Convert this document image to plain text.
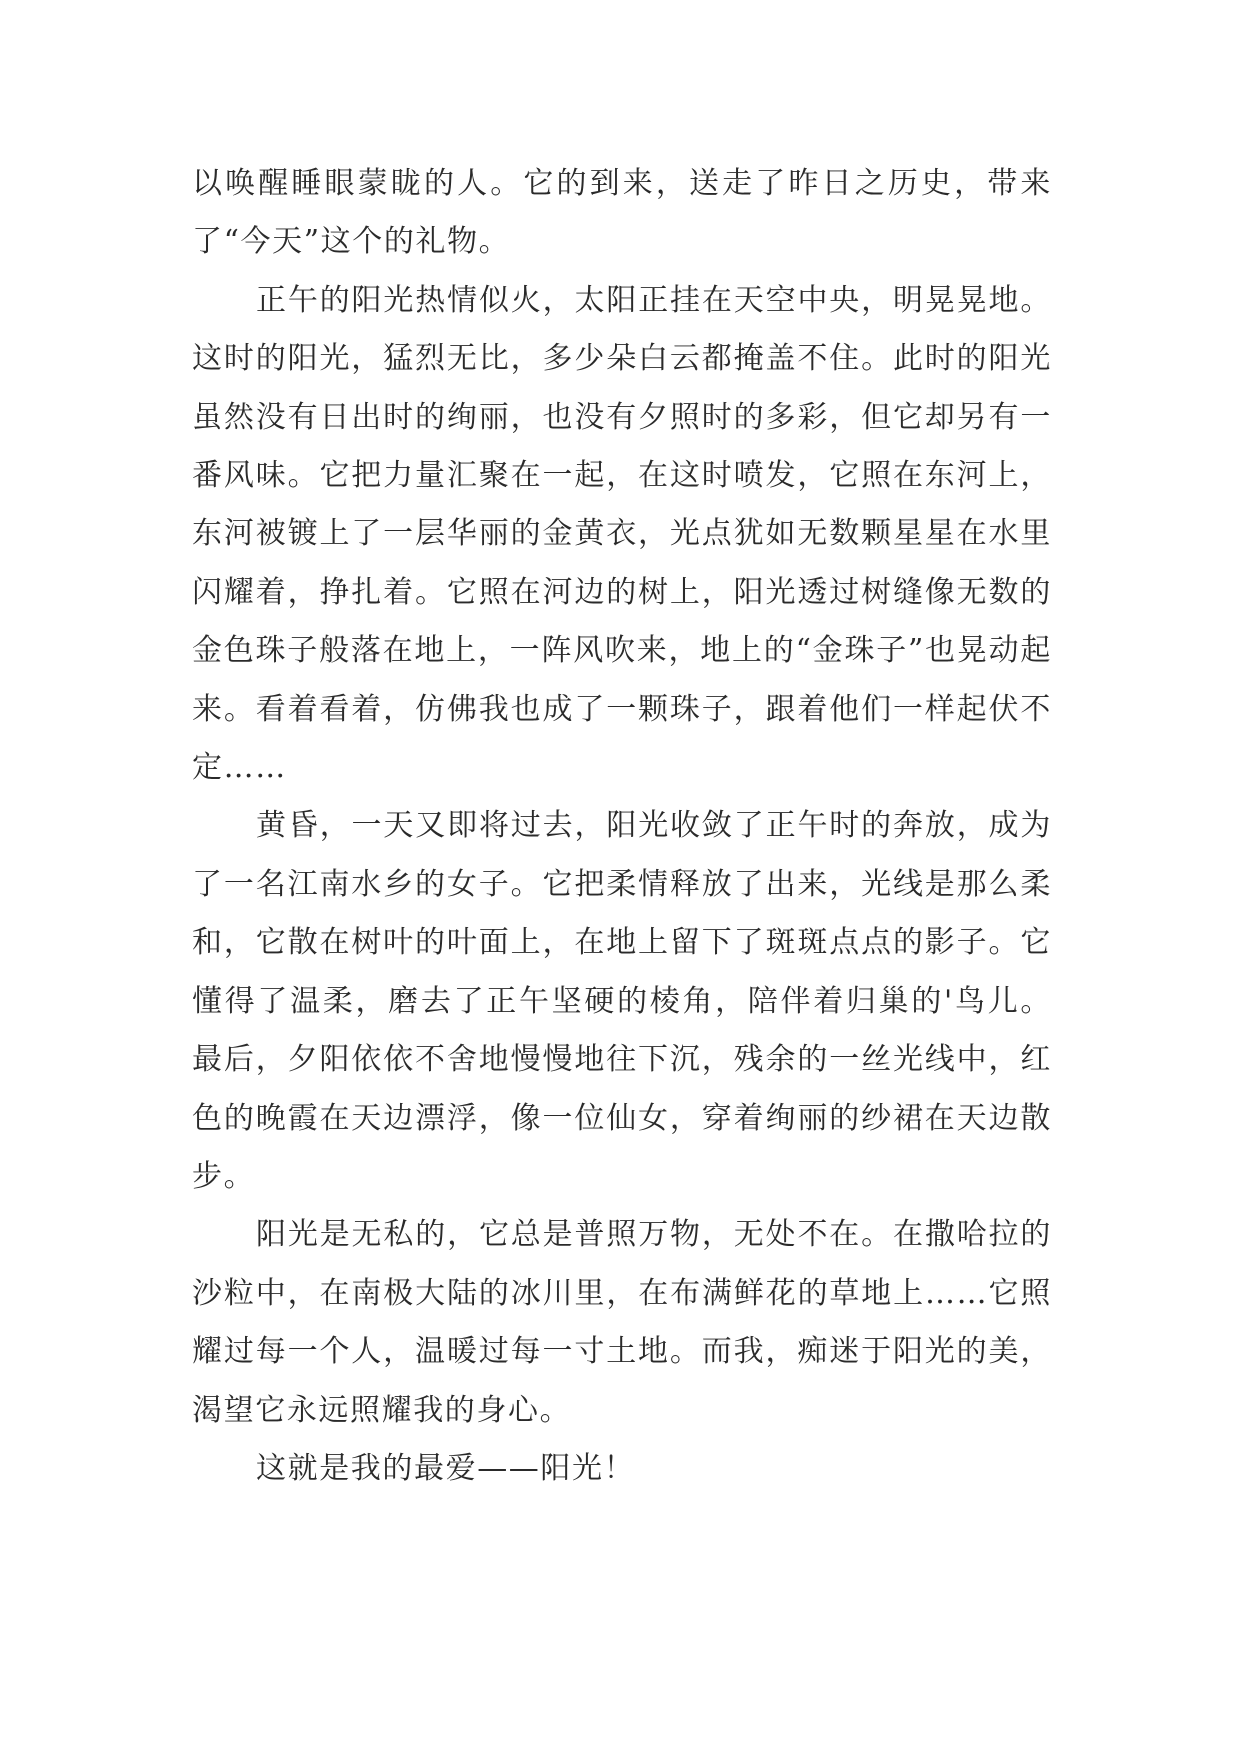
以唤醒睡眼蒙眬的人。它的到来，送走了昨日之历史，带来了“今天”这个的礼物。

正午的阳光热情似火，太阳正挂在天空中央，明晃晃地。这时的阳光，猛烈无比，多少朵白云都掩盖不住。此时的阳光虽然没有日出时的绚丽，也没有夕照时的多彩，但它却另有一番风味。它把力量汇聚在一起，在这时喷发，它照在东河上，东河被镀上了一层华丽的金黄衣，光点犹如无数颗星星在水里闪耀着，挣扎着。它照在河边的树上，阳光透过树缝像无数的金色珠子般落在地上，一阵风吹来，地上的“金珠子”也晃动起来。看着看着，仿佛我也成了一颗珠子，跟着他们一样起伏不定……

黄昏，一天又即将过去，阳光收敛了正午时的奔放，成为了一名江南水乡的女子。它把柔情释放了出来，光线是那么柔和，它散在树叶的叶面上，在地上留下了斑斑点点的影子。它懂得了温柔，磨去了正午坚硬的棱角，陪伴着归巢的'鸟儿。最后，夕阳依依不舍地慢慢地往下沉，残余的一丝光线中，红色的晚霞在天边漂浮，像一位仙女，穿着绚丽的纱裙在天边散步。

阳光是无私的，它总是普照万物，无处不在。在撒哈拉的沙粒中，在南极大陆的冰川里，在布满鲜花的草地上……它照耀过每一个人，温暖过每一寸土地。而我，痴迷于阳光的美，渴望它永远照耀我的身心。

这就是我的最爱——阳光！
